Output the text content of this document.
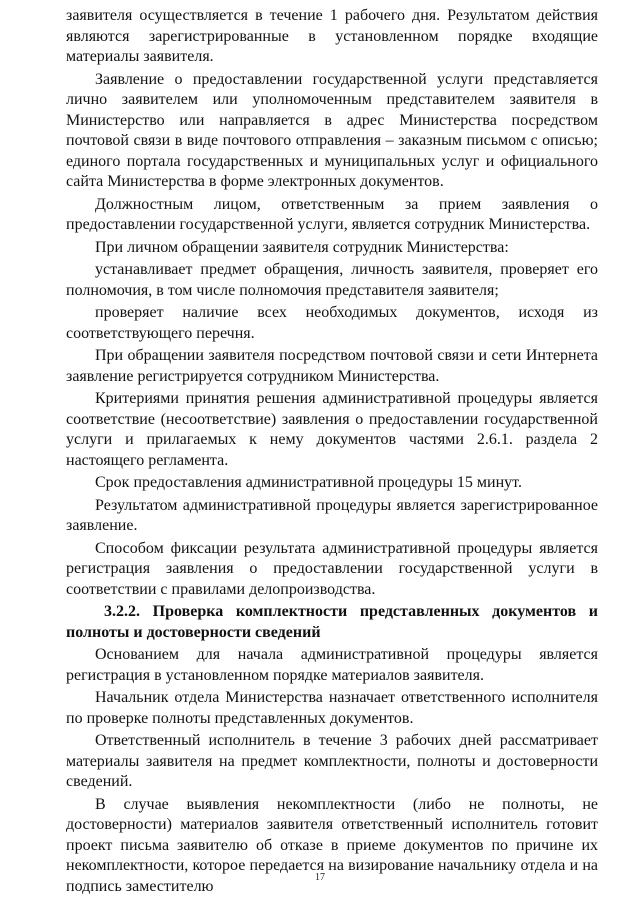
заявителя осуществляется в течение 1 рабочего дня. Результатом действия являются зарегистрированные в установленном порядке входящие материалы заявителя.

Заявление о предоставлении государственной услуги представляется лично заявителем или уполномоченным представителем заявителя в Министерство или направляется в адрес Министерства посредством почтовой связи в виде почтового отправления – заказным письмом с описью; единого портала государственных и муниципальных услуг и официального сайта Министерства в форме электронных документов.

Должностным лицом, ответственным за прием заявления о предоставлении государственной услуги, является сотрудник Министерства.

При личном обращении заявителя сотрудник Министерства:

устанавливает предмет обращения, личность заявителя, проверяет его полномочия, в том числе полномочия представителя заявителя;

проверяет наличие всех необходимых документов, исходя из соответствующего перечня.

При обращении заявителя посредством почтовой связи и сети Интернета заявление регистрируется сотрудником Министерства.

Критериями принятия решения административной процедуры является соответствие (несоответствие) заявления о предоставлении государственной услуги и прилагаемых к нему документов частями 2.6.1. раздела 2 настоящего регламента.

Срок предоставления административной процедуры 15 минут.

Результатом административной процедуры является зарегистрированное заявление.

Способом фиксации результата административной процедуры является регистрация заявления о предоставлении государственной услуги в соответствии с правилами делопроизводства.

3.2.2. Проверка комплектности представленных документов и полноты и достоверности сведений

Основанием для начала административной процедуры является регистрация в установленном порядке материалов заявителя.

Начальник отдела Министерства назначает ответственного исполнителя по проверке полноты представленных документов.

Ответственный исполнитель в течение 3 рабочих дней рассматривает материалы заявителя на предмет комплектности, полноты и достоверности сведений.

В случае выявления некомплектности (либо не полноты, не достоверности) материалов заявителя ответственный исполнитель готовит проект письма заявителю об отказе в приеме документов по причине их некомплектности, которое передается на визирование начальнику отдела и на подпись заместителю	17
